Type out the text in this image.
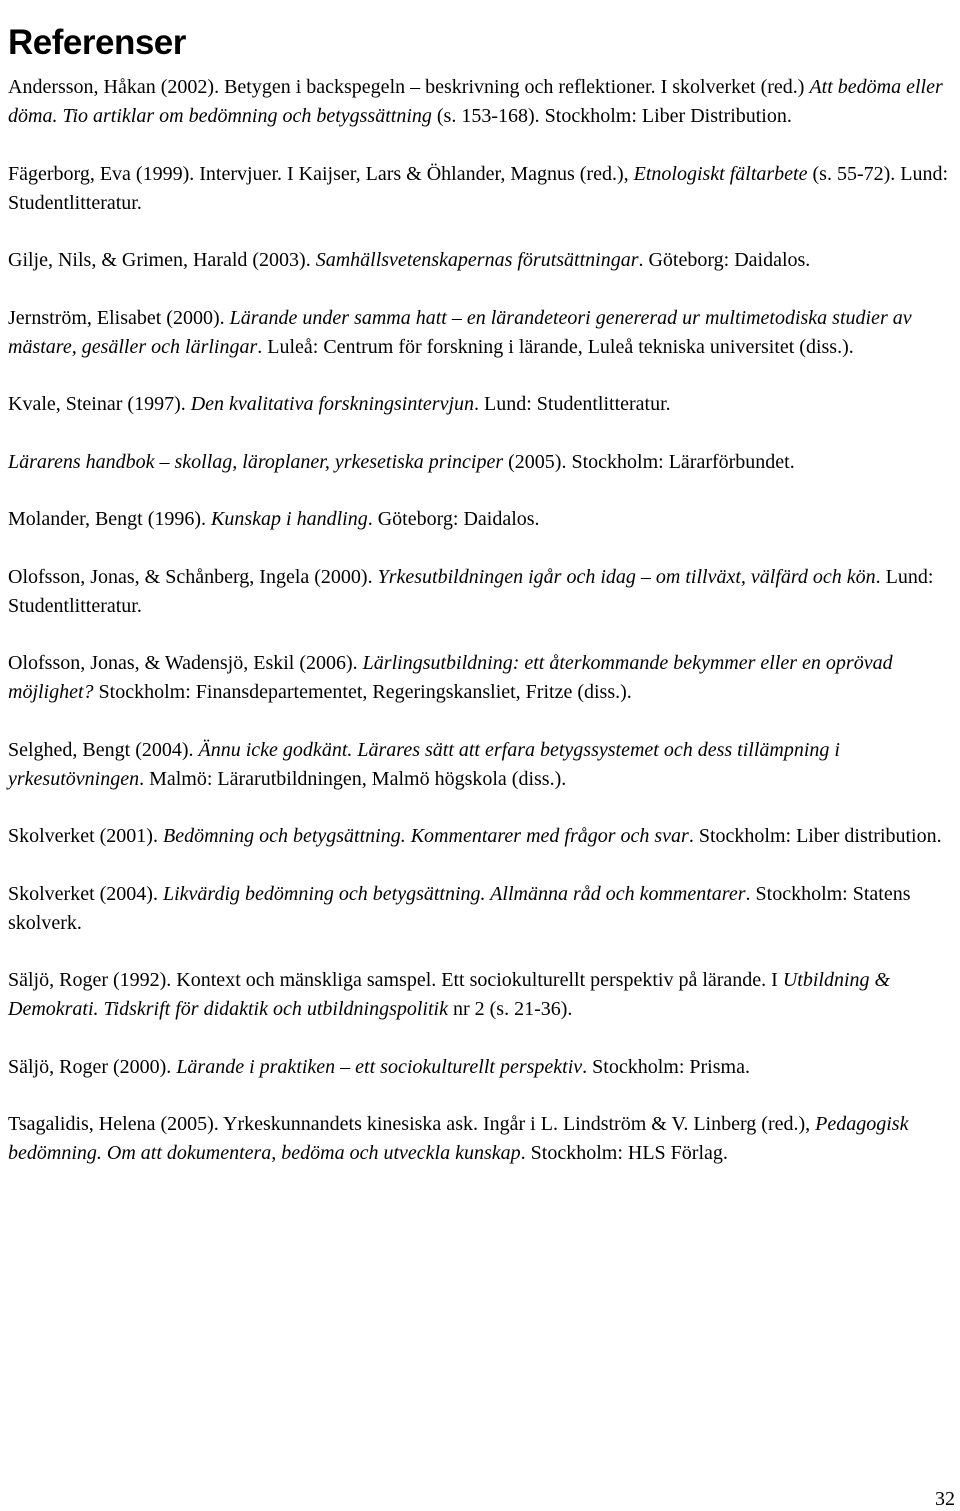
Referenser

Andersson, Håkan (2002). Betygen i backspegeln – beskrivning och reflektioner. I skolverket (red.) Att bedöma eller döma. Tio artiklar om bedömning och betygssättning (s. 153-168). Stockholm: Liber Distribution.

Fägerborg, Eva (1999). Intervjuer. I Kaijser, Lars & Öhlander, Magnus (red.), Etnologiskt fältarbete (s. 55-72). Lund: Studentlitteratur.

Gilje, Nils, & Grimen, Harald (2003). Samhällsvetenskapernas förutsättningar. Göteborg: Daidalos.

Jernström, Elisabet (2000). Lärande under samma hatt – en lärandeteori genererad ur multimetodiska studier av mästare, gesäller och lärlingar. Luleå: Centrum för forskning i lärande, Luleå tekniska universitet (diss.).

Kvale, Steinar (1997). Den kvalitativa forskningsintervjun. Lund: Studentlitteratur.

Lärarens handbok – skollag, läroplaner, yrkesetiska principer (2005). Stockholm: Lärarförbundet.

Molander, Bengt (1996). Kunskap i handling. Göteborg: Daidalos.

Olofsson, Jonas, & Schånberg, Ingela (2000). Yrkesutbildningen igår och idag – om tillväxt, välfärd och kön. Lund: Studentlitteratur.

Olofsson, Jonas, & Wadensjö, Eskil (2006). Lärlingsutbildning: ett återkommande bekymmer eller en oprövad möjlighet? Stockholm: Finansdepartementet, Regeringskansliet, Fritze (diss.).

Selghed, Bengt (2004). Ännu icke godkänt. Lärares sätt att erfara betygssystemet och dess tillämpning i yrkesutövningen. Malmö: Lärarutbildningen, Malmö högskola (diss.).

Skolverket (2001). Bedömning och betygsättning. Kommentarer med frågor och svar. Stockholm: Liber distribution.

Skolverket (2004). Likvärdig bedömning och betygsättning. Allmänna råd och kommentarer. Stockholm: Statens skolverk.

Säljö, Roger (1992). Kontext och mänskliga samspel. Ett sociokulturellt perspektiv på lärande. I Utbildning & Demokrati. Tidskrift för didaktik och utbildningspolitik nr 2 (s. 21-36).

Säljö, Roger (2000). Lärande i praktiken – ett sociokulturellt perspektiv. Stockholm: Prisma.

Tsagalidis, Helena (2005). Yrkeskunnandets kinesiska ask. Ingår i L. Lindström & V. Linberg (red.), Pedagogisk bedömning. Om att dokumentera, bedöma och utveckla kunskap. Stockholm: HLS Förlag.

32
